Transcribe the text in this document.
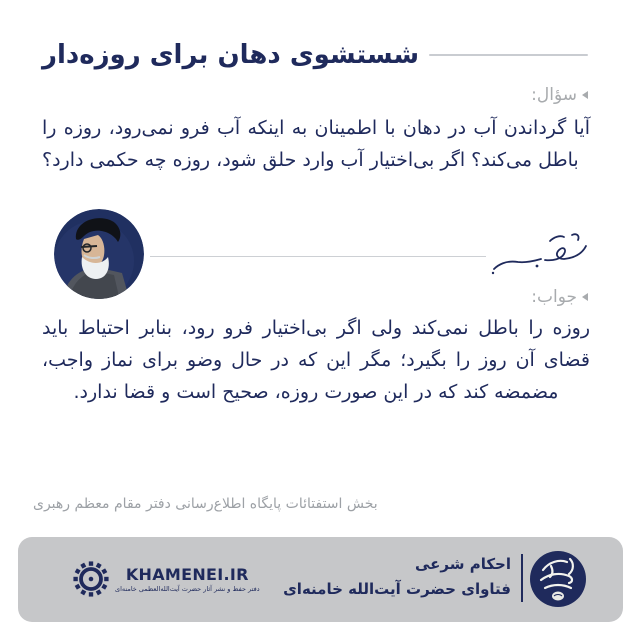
شستشوی دهان برای روزه‌دار
سؤال:
آیا گرداندن آب در دهان با اطمینان به اینکه آب فرو نمی‌رود، روزه را باطل می‌کند؟ اگر بی‌اختیار آب وارد حلق شود، روزه چه حکمی دارد؟
جواب:
روزه را باطل نمی‌کند ولی اگر بی‌اختیار فرو رود، بنابر احتیاط باید قضای آن روز را بگیرد؛ مگر این که در حال وضو برای نماز واجب، مضمضه کند که در این صورت روزه، صحیح است و قضا ندارد.
بخش استفتائات پایگاه اطلاع‌رسانی دفتر مقام معظم رهبری
KHAMENEI.IR
دفتر حفظ و نشر آثار حضرت آیت‌الله‌العظمی خامنه‌ای
احکام شرعی
فتاوای حضرت آیت‌الله خامنه‌ای
